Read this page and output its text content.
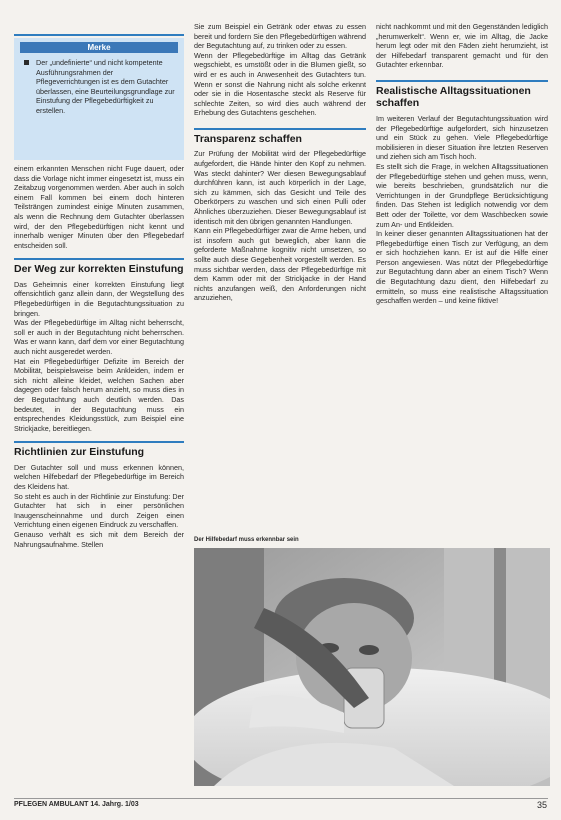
Merke
Der „undefinierte“ und nicht kompetente Ausführungsrahmen der Pflegeverrichtungen ist es dem Gutachter überlassen, eine Beurteilungsgrundlage zur Einstufung der Pflegebedürftigkeit zu erstellen.

einem erkannten Menschen nicht Fuge dauert, oder dass die Vorlage nicht immer eingesetzt ist, muss ein Zeitabzug vorgenommen werden. Aber auch in solch einem Fall kommen bei einem doch hinteren Teilsträngen zumindest einige Minuten zusammen, als wenn die Rechnung dem Gutachter überlassen wird, der den Pflegebedürftigen nicht kennt und innerhalb weniger Minuten über den Pflegebedarf entscheiden soll.

Der Weg zur korrekten Einstufung

Das Geheimnis einer korrekten Einstufung liegt offensichtlich ganz allein dann, der Wegstellung des Pflegebedürftigen in die Begutachtungssituation zu bringen.

Was der Pflegebedürftige im Alltag nicht beherrscht, soll er auch in der Begutachtung nicht beherrschen. Was er wann kann, darf dem vor einer Begutachtung auch nicht ausgeredet werden.

Hat ein Pflegebedürftiger Defizite im Bereich der Mobilität, beispielsweise beim Ankleiden, indem er sich nicht alleine kleidet, welchen Sachen aber dagegen oder falsch herum anzieht, so muss dies in der Begutachtung auch deutlich werden. Das bedeutet, in der Begutachtung muss ein entsprechendes Kleidungsstück, zum Beispiel eine Strickjacke, bereitliegen.

Richtlinien zur Einstufung

Der Gutachter soll und muss erkennen können, welchen Hilfebedarf der Pflegebedürftige im Bereich des Kleidens hat.

So steht es auch in der Richtlinie zur Einstufung: Der Gutachter hat sich in einer persönlichen Inaugenscheinnahme und durch Zeigen einen Verrichtung einen eigenen Eindruck zu verschaffen.

Genauso verhält es sich mit dem Bereich der Nahrungsaufnahme. Stellen

Sie zum Beispiel ein Getränk oder etwas zu essen bereit und fordern Sie den Pflegebedürftigen während der Begutachtung auf, zu trinken oder zu essen.

Wenn der Pflegebedürftige im Alltag das Getränk wegschiebt, es umstößt oder in die Blumen gießt, so wird er es auch in Anwesenheit des Gutachters tun. Wenn er sonst die Nahrung nicht als solche erkennt oder sie in die Hosentasche steckt als Reserve für schlechte Zeiten, so wird dies auch während der Erhebung des Gutachtens geschehen.

Transparenz schaffen

Zur Prüfung der Mobilität wird der Pflegebedürftige aufgefordert, die Hände hinter den Kopf zu nehmen. Was steckt dahinter? Wer diesen Bewegungsablauf durchführen kann, ist auch körperlich in der Lage, sich zu kämmen, sich das Gesicht und Teile des Oberkörpers zu waschen und sich einen Pulli oder Ähnliches überzuziehen. Dieser Bewegungsablauf ist identisch mit den übrigen genannten Handlungen.

Kann ein Pflegebedürftiger zwar die Arme heben, und ist insofern auch gut beweglich, aber kann die geforderte Maßnahme kognitiv nicht umsetzen, so sollte auch diese Gegebenheit vorgestellt werden. Es muss sichtbar werden, dass der Pflegebedürftige mit dem Kamm oder mit der Strickjacke in der Hand nichts anzufangen weiß, den Anforderungen nicht anzuziehen,

nicht nachkommt und mit den Gegenständen lediglich „herumwerkelt“. Wenn er, wie im Alltag, die Jacke herum legt oder mit den Fäden zieht herumzieht, ist der Hilfebedarf transparent gemacht und für den Gutachter erkennbar.

Realistische Alltagssituationen schaffen

Im weiteren Verlauf der Begutachtungssituation wird der Pflegebedürftige aufgefordert, sich hinzusetzen und ein Stück zu gehen. Viele Pflegebedürftige mobilisieren in dieser Situation ihre letzten Reserven und ziehen sich am Tisch hoch.

Es stellt sich die Frage, in welchen Alltagssituationen der Pflegebedürftige stehen und gehen muss, wenn, wie bereits beschrieben, grundsätzlich nur die Verrichtungen in der Grundpflege Berücksichtigung finden. Das Stehen ist lediglich notwendig vor dem Bett oder der Toilette, vor dem Waschbecken sowie zum An- und Entkleiden.

In keiner dieser genannten Alltagssituationen hat der Pflegebedürftige einen Tisch zur Verfügung, an dem er sich hochziehen kann. Er ist auf die Hilfe einer Person angewiesen. Was nützt der Pflegebedürftige zur Begutachtung dann aber an einem Tisch? Wenn die Begutachtung dazu dient, den Hilfebedarf zu ermitteln, so muss eine realistische Alltagssituation geschaffen werden – und keine fiktive!

Der Hilfebedarf muss erkennbar sein
PFLEGEN AMBULANT 14. Jahrg. 1/03	35
